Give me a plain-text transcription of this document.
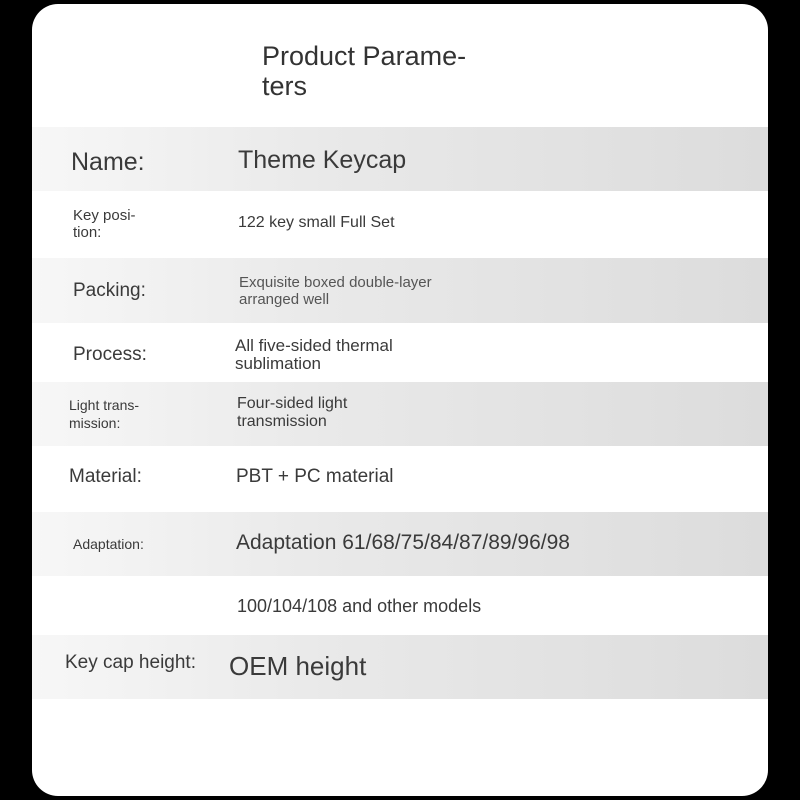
Product Parame-
ters
Name:	Theme Keycap
Key posi-
tion:
122 key small Full Set
Packing:	Exquisite boxed double-layer
arranged well
Process:	All five-sided thermal
sublimation
Light trans-
mission:
Four-sided light
transmission
Material:	PBT + PC material
Adaptation:	Adaptation 61/68/75/84/87/89/96/98
100/104/108 and other models
Key cap height: OEM height
